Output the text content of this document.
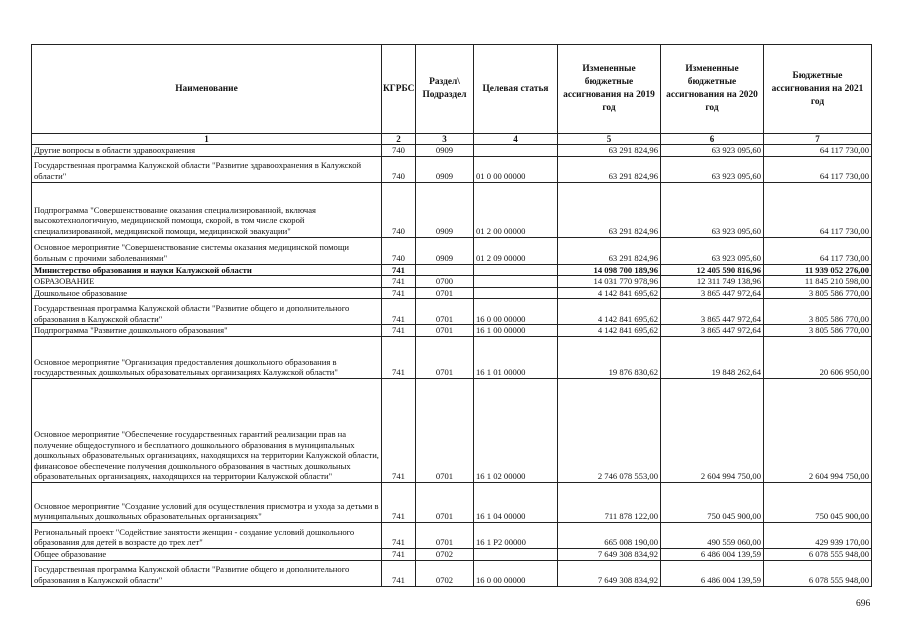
Наименование	КГРБС	Раздел\ Подраздел	Целевая статья	Измененные бюджетные ассигнования на 2019 год	Измененные бюджетные ассигнования на 2020 год	Бюджетные ассигнования на 2021 год
1	2	3	4	5	6	7
Другие вопросы в области здравоохранения	740	0909		63 291 824,96	63 923 095,60	64 117 730,00
Государственная программа Калужской области "Развитие здравоохранения в Калужской области"	740	0909	01 0 00 00000	63 291 824,96	63 923 095,60	64 117 730,00
Подпрограмма "Совершенствование оказания специализированной, включая высокотехнологичную, медицинской помощи, скорой, в том числе скорой специализированной, медицинской помощи, медицинской эвакуации"	740	0909	01 2 00 00000	63 291 824,96	63 923 095,60	64 117 730,00
Основное мероприятие "Совершенствование системы оказания медицинской помощи больным с прочими заболеваниями"	740	0909	01 2 09 00000	63 291 824,96	63 923 095,60	64 117 730,00
Министерство образования и науки Калужской области	741			14 098 700 189,96	12 405 590 816,96	11 939 052 276,00
ОБРАЗОВАНИЕ	741	0700		14 031 770 978,96	12 311 749 138,96	11 845 210 598,00
Дошкольное образование	741	0701		4 142 841 695,62	3 865 447 972,64	3 805 586 770,00
Государственная программа Калужской области "Развитие общего и дополнительного образования в Калужской области"	741	0701	16 0 00 00000	4 142 841 695,62	3 865 447 972,64	3 805 586 770,00
Подпрограмма "Развитие дошкольного образования"	741	0701	16 1 00 00000	4 142 841 695,62	3 865 447 972,64	3 805 586 770,00
Основное мероприятие "Организация предоставления дошкольного образования в государственных дошкольных образовательных организациях Калужской области"	741	0701	16 1 01 00000	19 876 830,62	19 848 262,64	20 606 950,00
Основное мероприятие "Обеспечение государственных гарантий реализации прав на получение общедоступного и бесплатного дошкольного образования в муниципальных дошкольных образовательных организациях, находящихся на территории Калужской области, финансовое обеспечение получения дошкольного образования в частных дошкольных образовательных организациях, находящихся на территории Калужской области"	741	0701	16 1 02 00000	2 746 078 553,00	2 604 994 750,00	2 604 994 750,00
Основное мероприятие "Создание условий для осуществления присмотра и ухода за детьми в муниципальных дошкольных образовательных организациях"	741	0701	16 1 04 00000	711 878 122,00	750 045 900,00	750 045 900,00
Региональный проект "Содействие занятости женщин - создание условий дошкольного образования для детей в возрасте до трех лет"	741	0701	16 1 P2 00000	665 008 190,00	490 559 060,00	429 939 170,00
Общее образование	741	0702		7 649 308 834,92	6 486 004 139,59	6 078 555 948,00
Государственная программа Калужской области "Развитие общего и дополнительного образования в Калужской области"	741	0702	16 0 00 00000	7 649 308 834,92	6 486 004 139,59	6 078 555 948,00
696
